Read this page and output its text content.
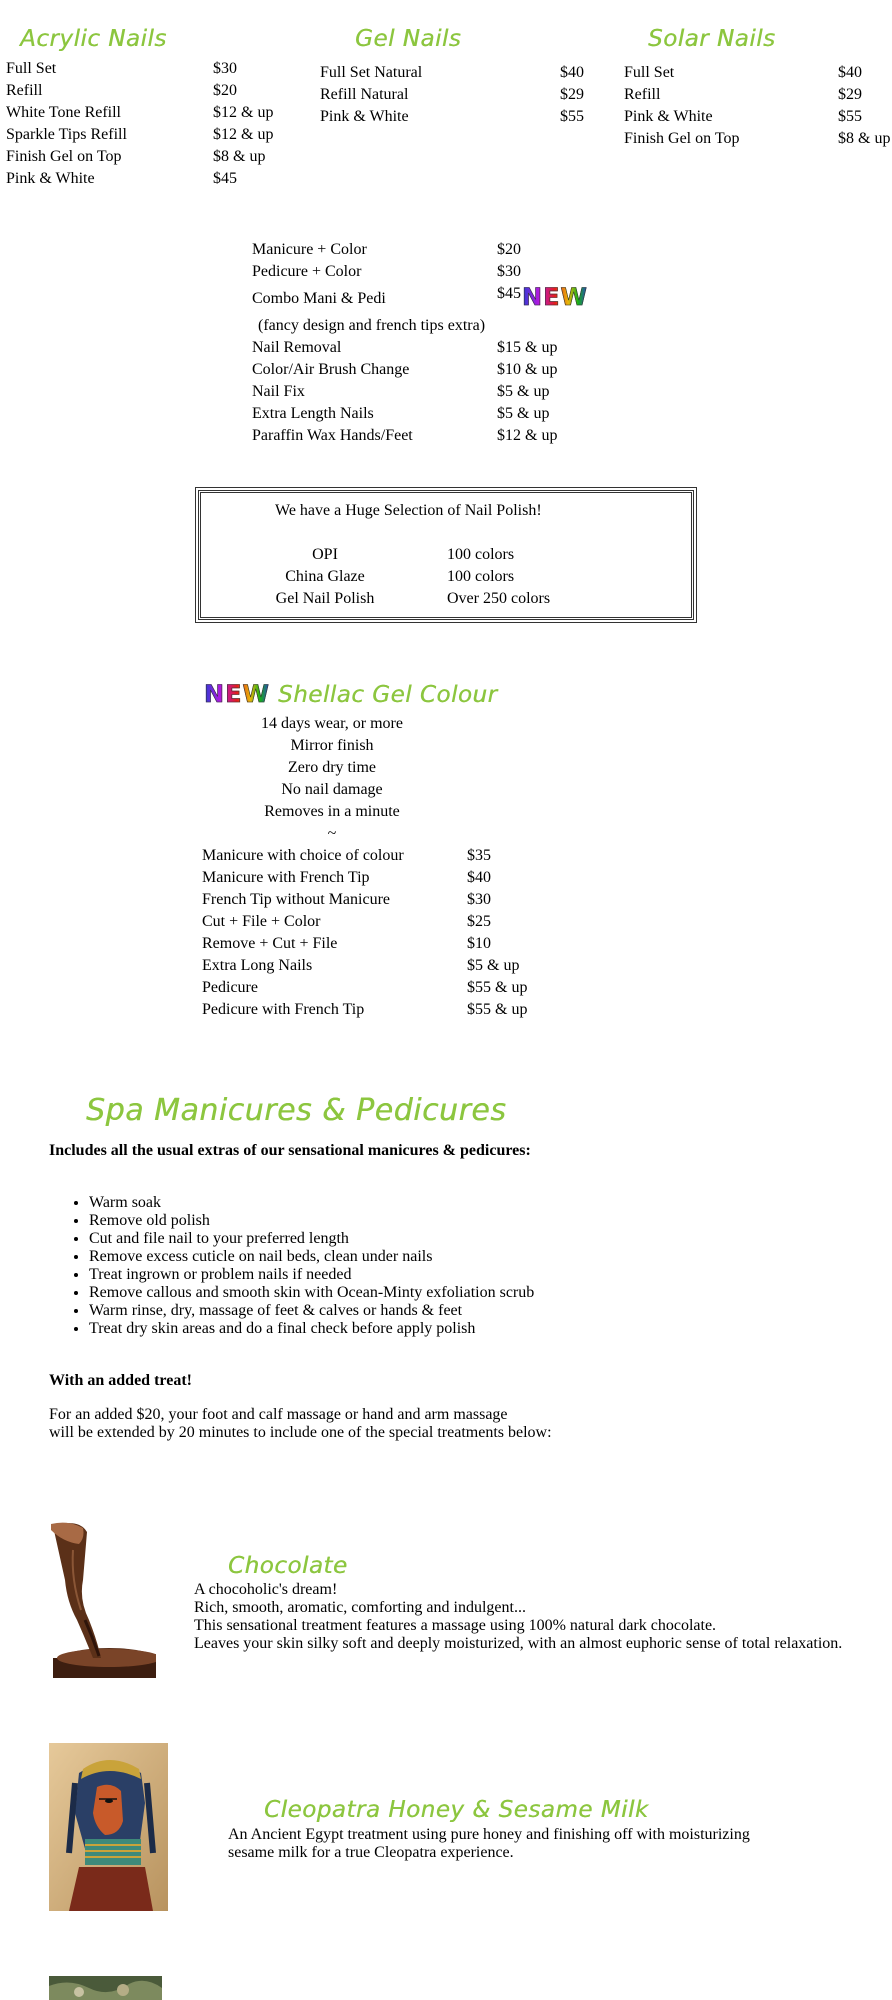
Acrylic Nails
Full Set	$30
Refill	$20
White Tone Refill	$12 & up
Sparkle Tips Refill	$12 & up
Finish Gel on Top	$8 & up
Pink & White	$45
Gel Nails
Full Set Natural	$40
Refill Natural	$29
Pink & White	$55
Solar Nails
Full Set	$40
Refill	$29
Pink & White	$55
Finish Gel on Top	$8 & up
Manicure + Color	$20
Pedicure + Color	$30
Combo Mani & Pedi	$45 NEW
(fancy design and french tips extra)
Nail Removal	$15 & up
Color/Air Brush Change	$10 & up
Nail Fix	$5 & up
Extra Length Nails	$5 & up
Paraffin Wax Hands/Feet	$12 & up
We have a Huge Selection of Nail Polish!
OPI	100 colors
China Glaze	100 colors
Gel Nail Polish	Over 250 colors
NEW Shellac Gel Colour
14 days wear, or more
Mirror finish
Zero dry time
No nail damage
Removes in a minute
~
Manicure with choice of colour	$35
Manicure with French Tip	$40
French Tip without Manicure	$30
Cut + File + Color	$25
Remove + Cut + File	$10
Extra Long Nails	$5 & up
Pedicure	$55 & up
Pedicure with French Tip	$55 & up
Spa Manicures & Pedicures
Includes all the usual extras of our sensational manicures & pedicures:
• Warm soak
• Remove old polish
• Cut and file nail to your preferred length
• Remove excess cuticle on nail beds, clean under nails
• Treat ingrown or problem nails if needed
• Remove callous and smooth skin with Ocean-Minty exfoliation scrub
• Warm rinse, dry, massage of feet & calves or hands & feet
• Treat dry skin areas and do a final check before apply polish
With an added treat!
For an added $20, your foot and calf massage or hand and arm massage
will be extended by 20 minutes to include one of the special treatments below:
Chocolate
A chocoholic's dream!
Rich, smooth, aromatic, comforting and indulgent...
This sensational treatment features a massage using 100% natural dark chocolate.
Leaves your skin silky soft and deeply moisturized, with an almost euphoric sense of total relaxation.
Cleopatra Honey & Sesame Milk
An Ancient Egypt treatment using pure honey and finishing off with moisturizing
sesame milk for a true Cleopatra experience.
